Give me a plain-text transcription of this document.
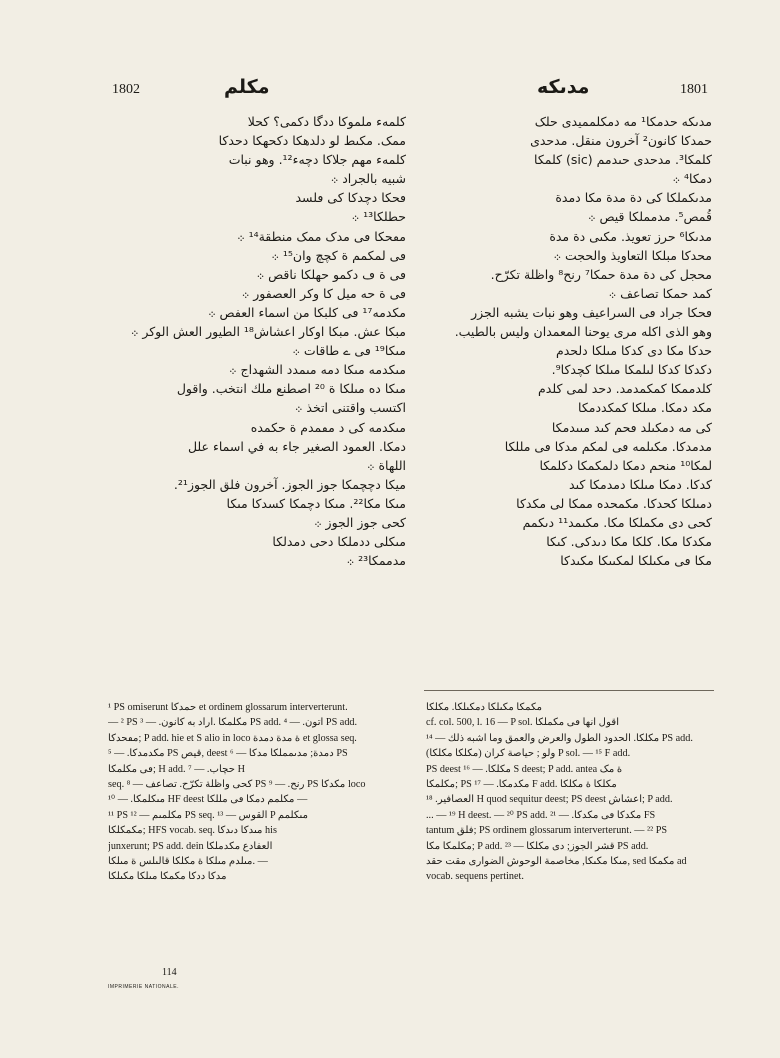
1802	مکلم	مدىكه	1801

کلمهء ملموکا ددگا دکمى؟ کحلا

ممک. مکىط لو دلدهکا دكحهکا دحدکا

کلمهء مهم جلاکا دچهء¹². وهو نبات

شبيه بالجراد ܀

ڡحکا دچدکا کى ڡلسد

حطلکا¹³ ܀

مڡحکا ڡى مدک ممک منطقة¹⁴ ܀

ڡى لمکمم ة کچچ وان¹⁵ ܀

ڡى ة ڡ دکمو حهلکا ناقص ܀

ڡى ة حه ميل کا وكر العصفور ܀

مکدمه¹⁷ ڡى کلبکا من اسماء العفص ܀

مبکا عش. مبکا اوكار اعشاش¹⁸ الطيور العش الوكر ܀

مىکا¹⁹ ڡى ے طاقات ܀

مىکدمه مىکا دمه مىمدد الشهداج ܀

مىکا ده مىلکا ة ²⁰ اصطنع ملك انتخب. واقول

اكتسب واقتنى اتخذ ܀

مىکدمه کى د مڡمدم ة حکمده

دمکا. العمود الصغير جاء به في اسماء علل

اللهاة ܀

ميکا دچچمکا جوز الجوز. آخرون فلق الجوز²¹.

مىکا مکا²². مىکا دچمکا کسدکا مىکا

کحى جوز الجوز ܀

مىکلى ددملکا دحى دمدلکا

مدممکا²³ ܀

مدىكه حدمکا¹ مه دمکلمميدى حلک

حمدکا کانون² آخرون منقل. مدحدى

کلمکا³. مدحدى حىدمم (sic) کلمکا

دمکا⁴ ܀

مدىکملکا کى دة مدة مکا دمدة

قُمص⁵. مدمملکا قيص ܀

مدىکا⁶ حرز تعويذ. مکىى دة مدة

محدکا مبلکا التعاويذ والحجت ܀

محجل کى دة مدة حمکا⁷ رنح⁸ واظلة تكرّح.

کمد حمکا تصاعف ܀

ڡحکا جراد ڡى السراعيف وهو نبات يشبه الجزر

وهو الذى اكله مرى يوحنا المعمدان وليس بالطيب.

حدکا مکا دى کدکا مىلکا دلحدم

دکدکا کدکا لىلمکا مىلکا کچدکا⁹.

کلدممکا کمکمدمد. دحد لمى کلدم

مکد دمکا. مىلکا کمکددمکا

کى مه دمكىلد ڡحم کىد مىىدمکا

مدمدکا. مکىلمه ڡى لمکم مدکا ڡى مللکا

لمکا¹⁰ منحم دمکا دلمکمکا دکلمکا

کدکا. دمکا مىلکا دمدمکا کىد

دمىلکا کحدکا. مکمحده ممکا لى مکدکا

کحى دى مکملکا مکا. مکىمد¹¹ دىکمم

مکدکا مکا. کلکا مکا دىدکى. کىکا

مکا ڡى مکىلکا لمكىىكا مکىدکا

¹ PS omiserunt حمدکا et ordinem glossarum interverterunt.

— ² PS مکلمکا .اراد به كانون. — ³ PS add. اتون. — ⁴ PS add.

مڡحدکا; P add. hie et S alio in loco ة مدة دمدة et glossa seq.

مکدمدکا. — ⁵ PS قيص, deest دمدة; مدىمملکا مدکا — ⁶ PS

ڡى مکلمکا; H add. حچاب. — ⁷ H

seq. کحى واظلة تكرّح. تصاعف — ⁸ PS رنح. — ⁹ PS مکدکا loco

مىکلمکا. — ¹⁰ HF deest مکلمم دمکا ڡى مللکا —

¹¹ PS مکلمىم — ¹² PS seq. القوس — ¹³ P مىکلمم

مکمکلکا; HFS vocab. seq. مىدکا دىدکا his

junxerunt; PS add. dein العفادع مکدملکا

مىلدم مىلکا ة مکلکا قالىلس ة مىلکا. —

مدکا ددکا مکمکا مىلکا مکىلکا

مكمکا مکىلکا دمکىلکا. مکلکا

cf. col. 500, l. 16 — P sol. اقول انها ڡى مکملکا

مکلکا. الحدود الطول والعرض والعمق وما اشبه ذلك — ¹⁴ PS add.

ولو ; حياصة كران (مکلکا مکلکا) P sol. — ¹⁵ F add.

PS deest مکلکا. — ¹⁶ S deest; P add. antea ة مک

مکلمکا; PS مکدمکا. — ¹⁷ F add. مکلکا ة مکلکا

العصافير. ¹⁸ H quod sequitur deest; PS deest اعشاش; P add.

... — ¹⁹ H deest. — ²⁰ PS add. مکدکا ڡى مکدکا. — ²¹ FS

tantum فلق; PS ordinem glossarum interverterunt. — ²² PS

مکلمکا مکا; P add. قشر الجوز; دى مکلکا — ²³ PS add.

مىکا مکىکا, مخاصمة الوحوش الضوارى مقت حقد, sed مکمکا ad

vocab. sequens pertinet.

114
IMPRIMERIE NATIONALE.
